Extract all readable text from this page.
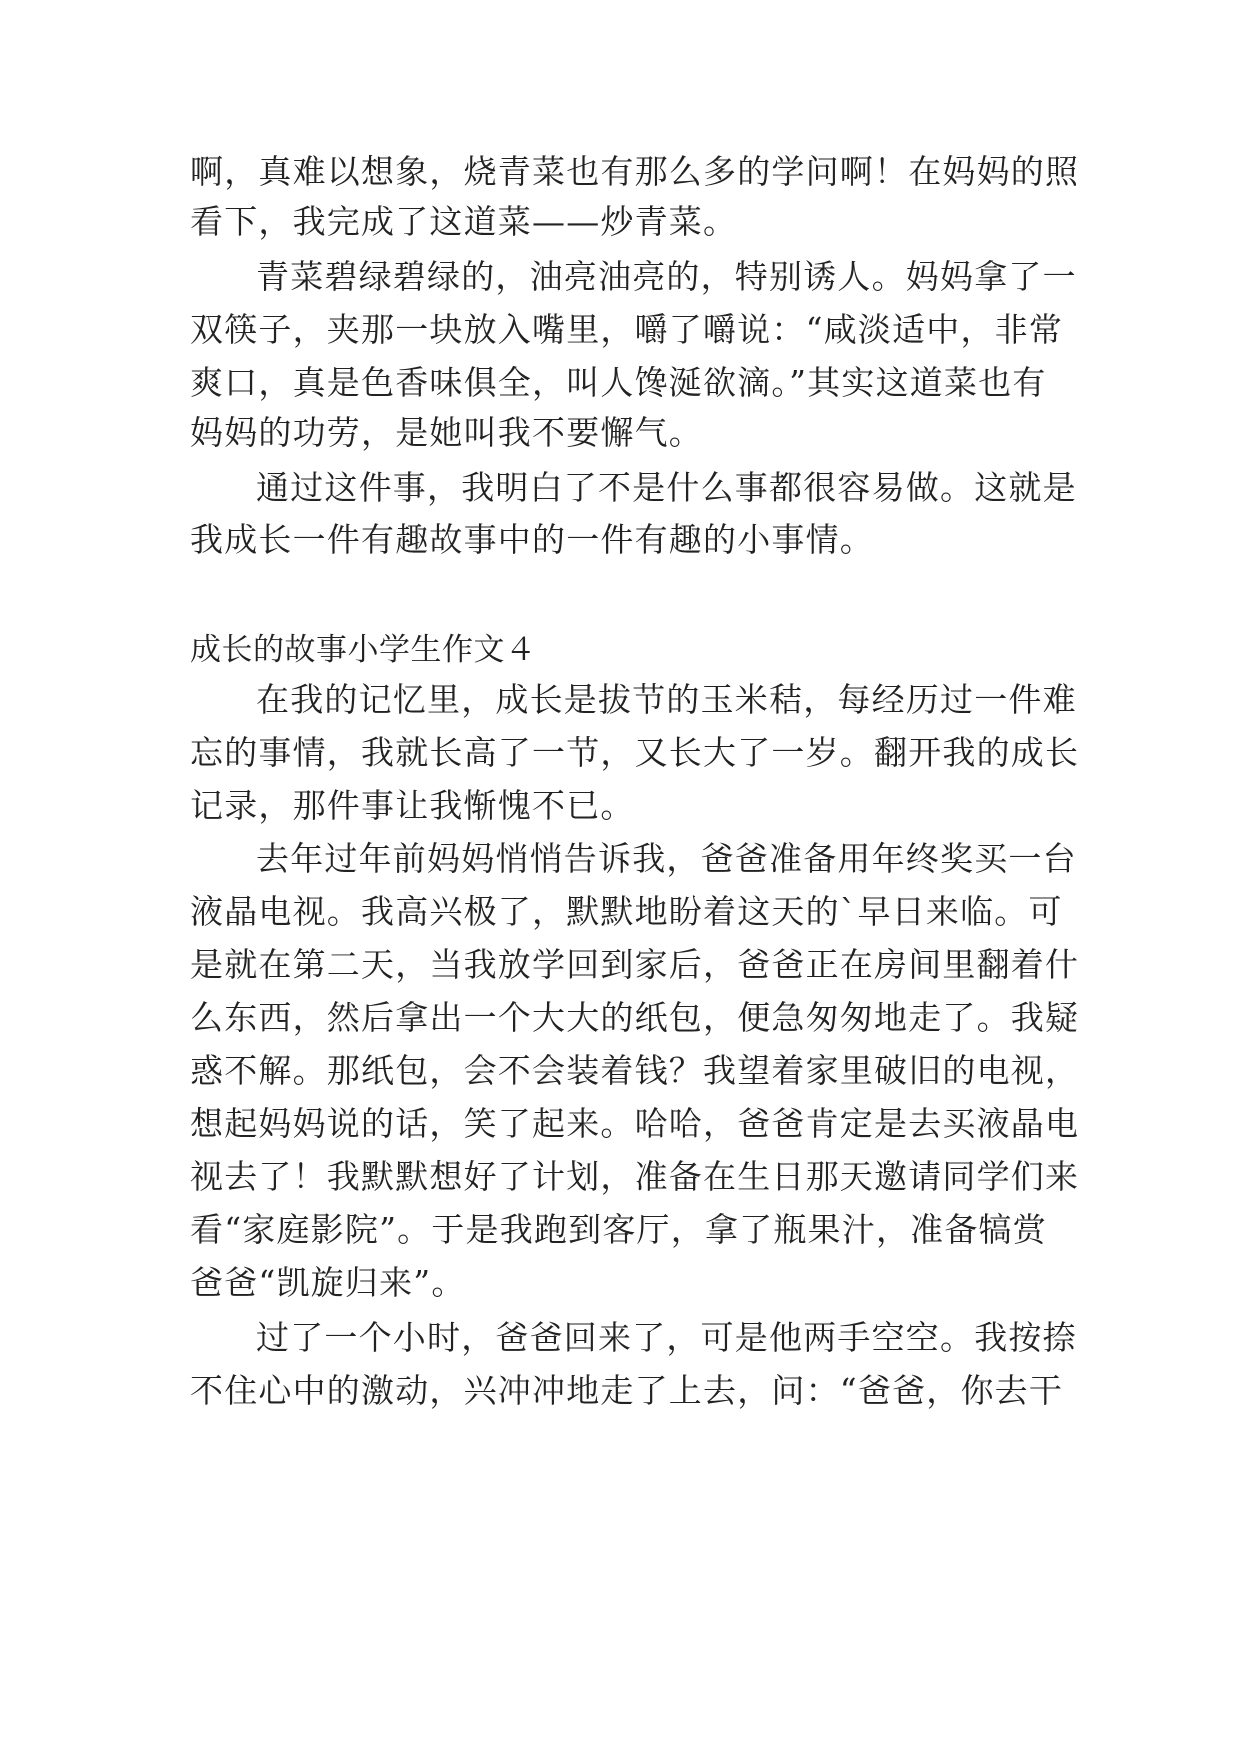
啊，真难以想象，烧青菜也有那么多的学问啊！在妈妈的照
看下，我完成了这道菜——炒青菜。
青菜碧绿碧绿的，油亮油亮的，特别诱人。妈妈拿了一
双筷子，夹那一块放入嘴里，嚼了嚼说：“咸淡适中，非常
爽口，真是色香味俱全，叫人馋涎欲滴。”其实这道菜也有
妈妈的功劳，是她叫我不要懈气。
通过这件事，我明白了不是什么事都很容易做。这就是
我成长一件有趣故事中的一件有趣的小事情。
成长的故事小学生作文４
在我的记忆里，成长是拔节的玉米秸，每经历过一件难
忘的事情，我就长高了一节，又长大了一岁。翻开我的成长
记录，那件事让我惭愧不已。
去年过年前妈妈悄悄告诉我，爸爸准备用年终奖买一台
液晶电视。我高兴极了，默默地盼着这天的`早日来临。可
是就在第二天，当我放学回到家后，爸爸正在房间里翻着什
么东西，然后拿出一个大大的纸包，便急匆匆地走了。我疑
惑不解。那纸包，会不会装着钱？我望着家里破旧的电视，
想起妈妈说的话，笑了起来。哈哈，爸爸肯定是去买液晶电
视去了！我默默想好了计划，准备在生日那天邀请同学们来
看“家庭影院”。于是我跑到客厅，拿了瓶果汁，准备犒赏
爸爸“凯旋归来”。
过了一个小时，爸爸回来了，可是他两手空空。我按捺
不住心中的激动，兴冲冲地走了上去，问：“爸爸，你去干
